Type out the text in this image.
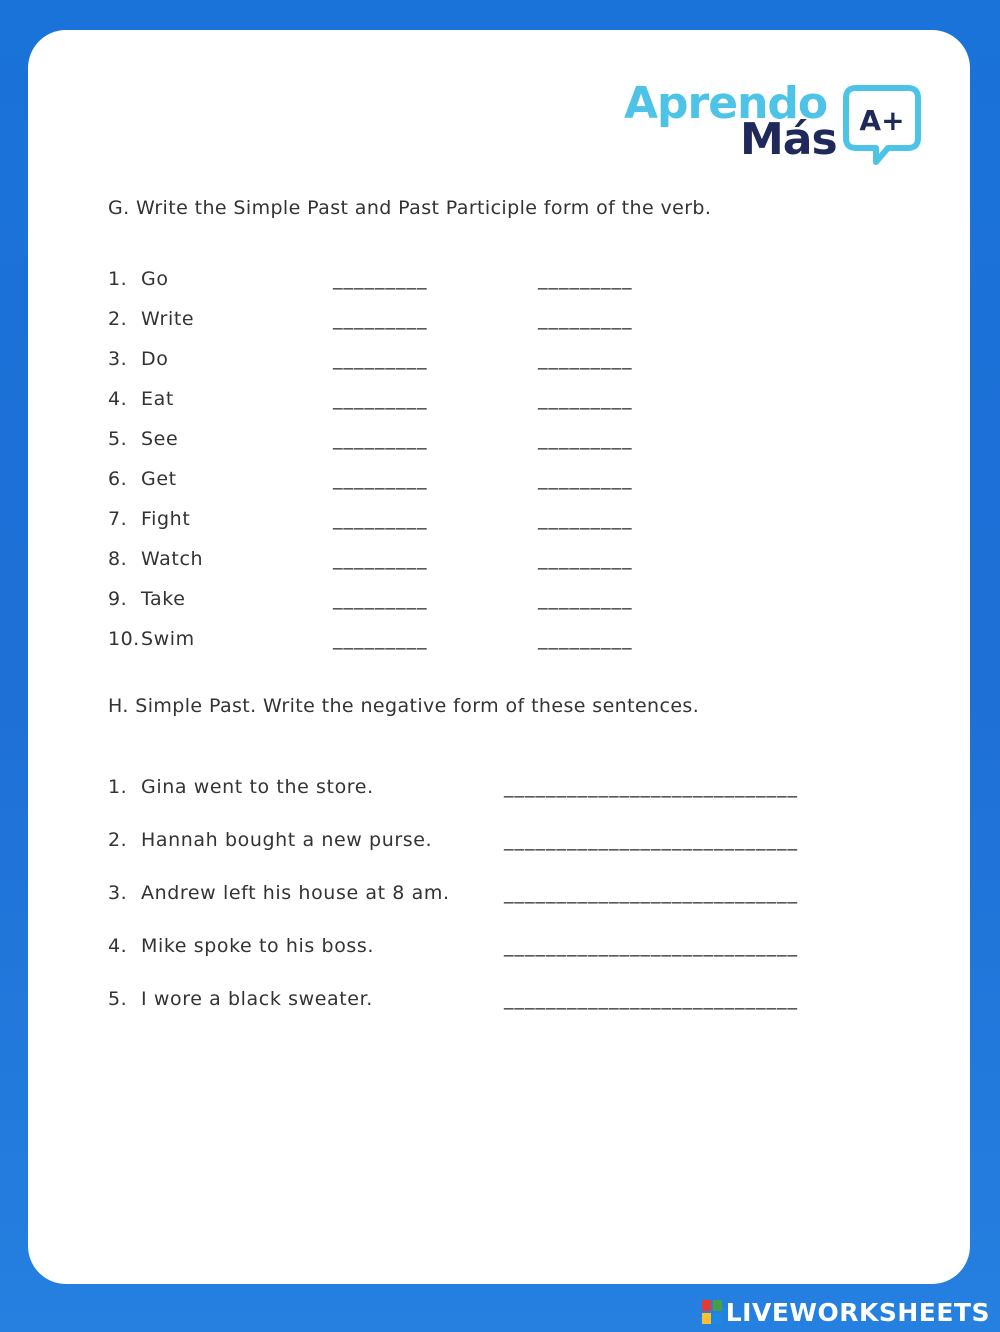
Aprendo
Más A+
G. Write the Simple Past and Past Participle form of the verb.
1. Go	_________	_________
2. Write	_________	_________
3. Do	_________	_________
4. Eat	_________	_________
5. See	_________	_________
6. Get	_________	_________
7. Fight	_________	_________
8. Watch	_________	_________
9. Take	_________	_________
10. Swim	_________	_________
H. Simple Past. Write the negative form of these sentences.
1. Gina went to the store.	____________________________
2. Hannah bought a new purse.	____________________________
3. Andrew left his house at 8 am.	____________________________
4. Mike spoke to his boss.	____________________________
5. I wore a black sweater.	____________________________
LIVEWORKSHEETS
